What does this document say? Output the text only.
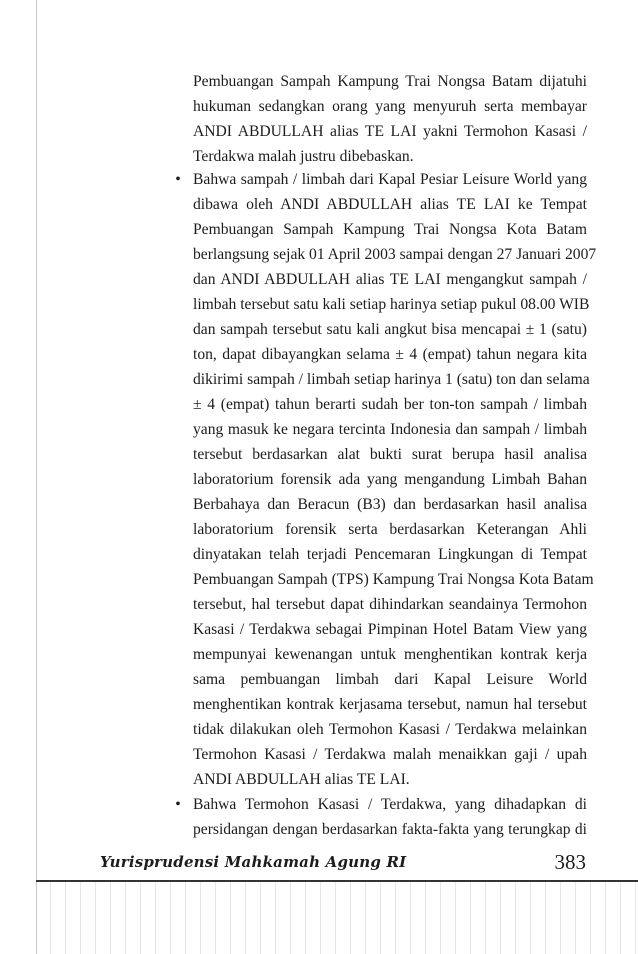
Pembuangan Sampah Kampung Trai Nongsa Batam dijatuhi
hukuman sedangkan orang yang menyuruh serta membayar
ANDI ABDULLAH alias TE LAI yakni Termohon Kasasi /
Terdakwa malah justru dibebaskan.
• Bahwa sampah / limbah dari Kapal Pesiar Leisure World yang
dibawa oleh ANDI ABDULLAH alias TE LAI ke Tempat
Pembuangan Sampah Kampung Trai Nongsa Kota Batam
berlangsung sejak 01 April 2003 sampai dengan 27 Januari 2007
dan ANDI ABDULLAH alias TE LAI mengangkut sampah /
limbah tersebut satu kali setiap harinya setiap pukul 08.00 WIB
dan sampah tersebut satu kali angkut bisa mencapai ± 1 (satu)
ton, dapat dibayangkan selama ± 4 (empat) tahun negara kita
dikirimi sampah / limbah setiap harinya 1 (satu) ton dan selama
± 4 (empat) tahun berarti sudah ber ton-ton sampah / limbah
yang masuk ke negara tercinta Indonesia dan sampah / limbah
tersebut berdasarkan alat bukti surat berupa hasil analisa
laboratorium forensik ada yang mengandung Limbah Bahan
Berbahaya dan Beracun (B3) dan berdasarkan hasil analisa
laboratorium forensik serta berdasarkan Keterangan Ahli
dinyatakan telah terjadi Pencemaran Lingkungan di Tempat
Pembuangan Sampah (TPS) Kampung Trai Nongsa Kota Batam
tersebut, hal tersebut dapat dihindarkan seandainya Termohon
Kasasi / Terdakwa sebagai Pimpinan Hotel Batam View yang
mempunyai kewenangan untuk menghentikan kontrak kerja
sama pembuangan limbah dari Kapal Leisure World
menghentikan kontrak kerjasama tersebut, namun hal tersebut
tidak dilakukan oleh Termohon Kasasi / Terdakwa melainkan
Termohon Kasasi / Terdakwa malah menaikkan gaji / upah
ANDI ABDULLAH alias TE LAI.
• Bahwa Termohon Kasasi / Terdakwa, yang dihadapkan di
persidangan dengan berdasarkan fakta-fakta yang terungkap di
Yurisprudensi Mahkamah Agung RI	383
